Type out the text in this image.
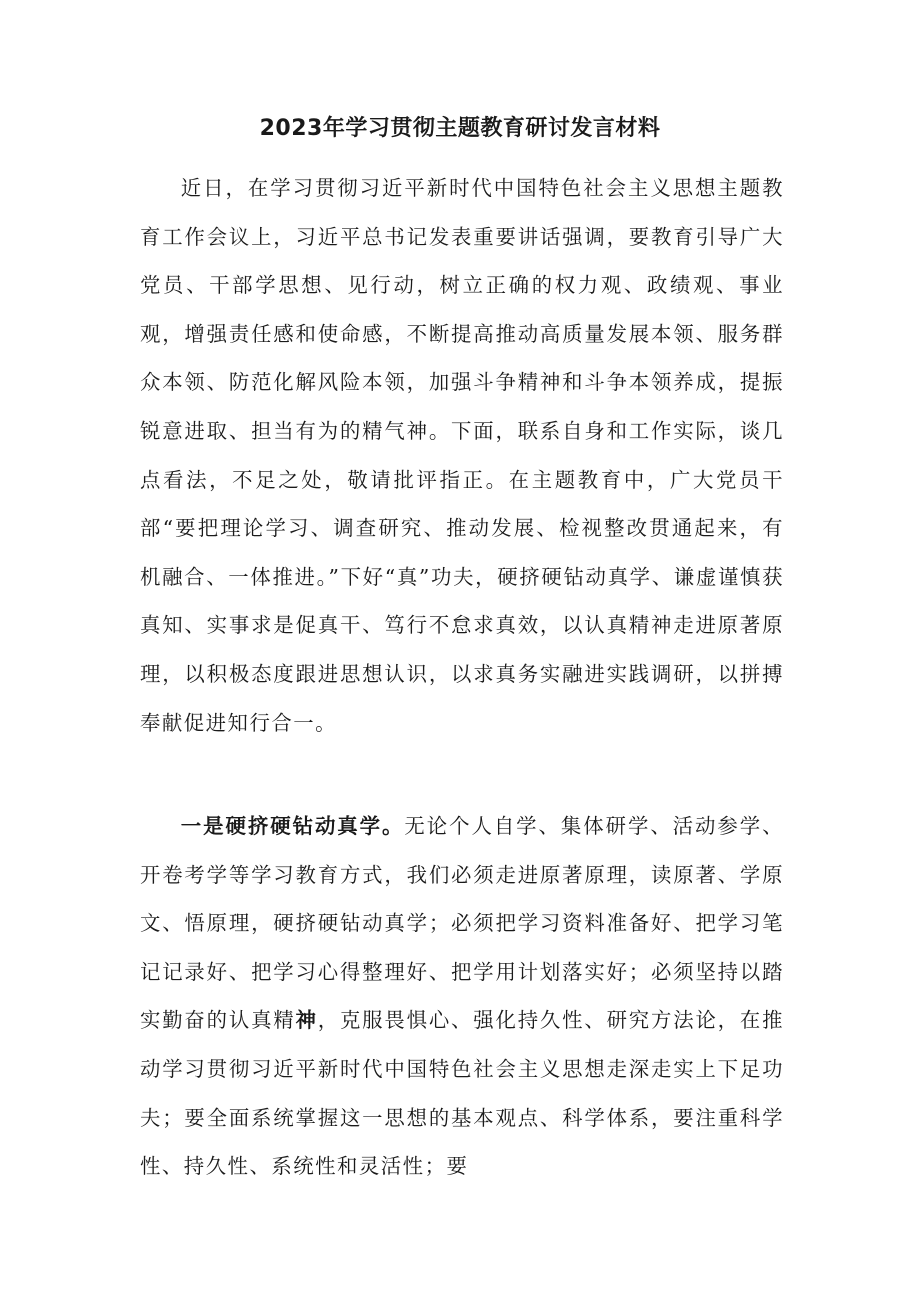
2023年学习贯彻主题教育研讨发言材料

近日，在学习贯彻习近平新时代中国特色社会主义思想主题教育工作会议上，习近平总书记发表重要讲话强调，要教育引导广大党员、干部学思想、见行动，树立正确的权力观、政绩观、事业观，增强责任感和使命感，不断提高推动高质量发展本领、服务群众本领、防范化解风险本领，加强斗争精神和斗争本领养成，提振锐意进取、担当有为的精气神。下面，联系自身和工作实际，谈几点看法，不足之处，敬请批评指正。在主题教育中，广大党员干部“要把理论学习、调查研究、推动发展、检视整改贯通起来，有机融合、一体推进。”下好“真”功夫，硬挤硬钻动真学、谦虚谨慎获真知、实事求是促真干、笃行不怠求真效，以认真精神走进原著原理，以积极态度跟进思想认识，以求真务实融进实践调研，以拼搏奉献促进知行合一。

一是硬挤硬钻动真学。无论个人自学、集体研学、活动参学、开卷考学等学习教育方式，我们必须走进原著原理，读原著、学原文、悟原理，硬挤硬钻动真学；必须把学习资料准备好、把学习笔记记录好、把学习心得整理好、把学用计划落实好；必须坚持以踏实勤奋的认真精神，克服畏惧心、强化持久性、研究方法论，在推动学习贯彻习近平新时代中国特色社会主义思想走深走实上下足功夫；要全面系统掌握这一思想的基本观点、科学体系，要注重科学性、持久性、系统性和灵活性；要
